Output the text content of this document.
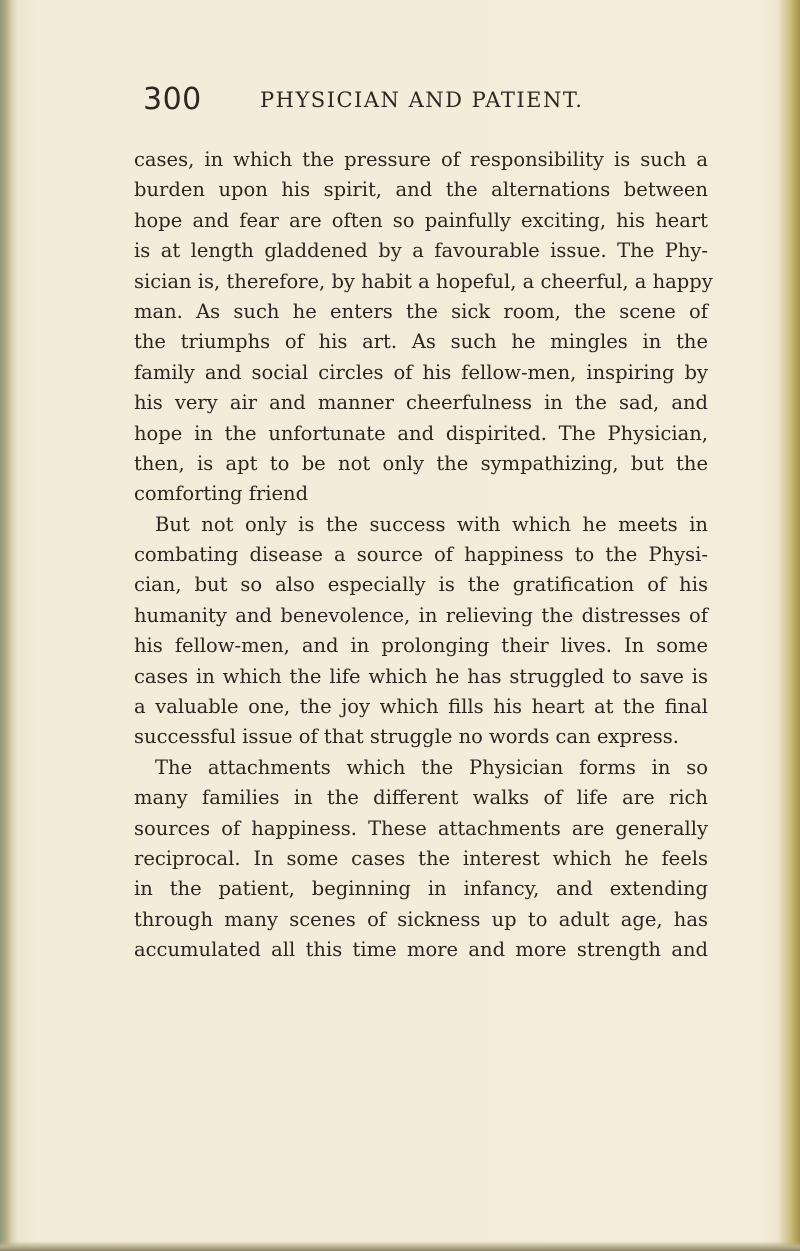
300	PHYSICIAN AND PATIENT.
cases, in which the pressure of responsibility is such a
burden upon his spirit, and the alternations between
hope and fear are often so painfully exciting, his heart
is at length gladdened by a favourable issue. The Phy-
sician is, therefore, by habit a hopeful, a cheerful, a happy
man. As such he enters the sick room, the scene of
the triumphs of his art. As such he mingles in the
family and social circles of his fellow-men, inspiring by
his very air and manner cheerfulness in the sad, and
hope in the unfortunate and dispirited. The Physician,
then, is apt to be not only the sympathizing, but the
comforting friend
But not only is the success with which he meets in
combating disease a source of happiness to the Physi-
cian, but so also especially is the gratification of his
humanity and benevolence, in relieving the distresses of
his fellow-men, and in prolonging their lives. In some
cases in which the life which he has struggled to save is
a valuable one, the joy which fills his heart at the final
successful issue of that struggle no words can express.
The attachments which the Physician forms in so
many families in the different walks of life are rich
sources of happiness. These attachments are generally
reciprocal. In some cases the interest which he feels
in the patient, beginning in infancy, and extending
through many scenes of sickness up to adult age, has
accumulated all this time more and more strength and
